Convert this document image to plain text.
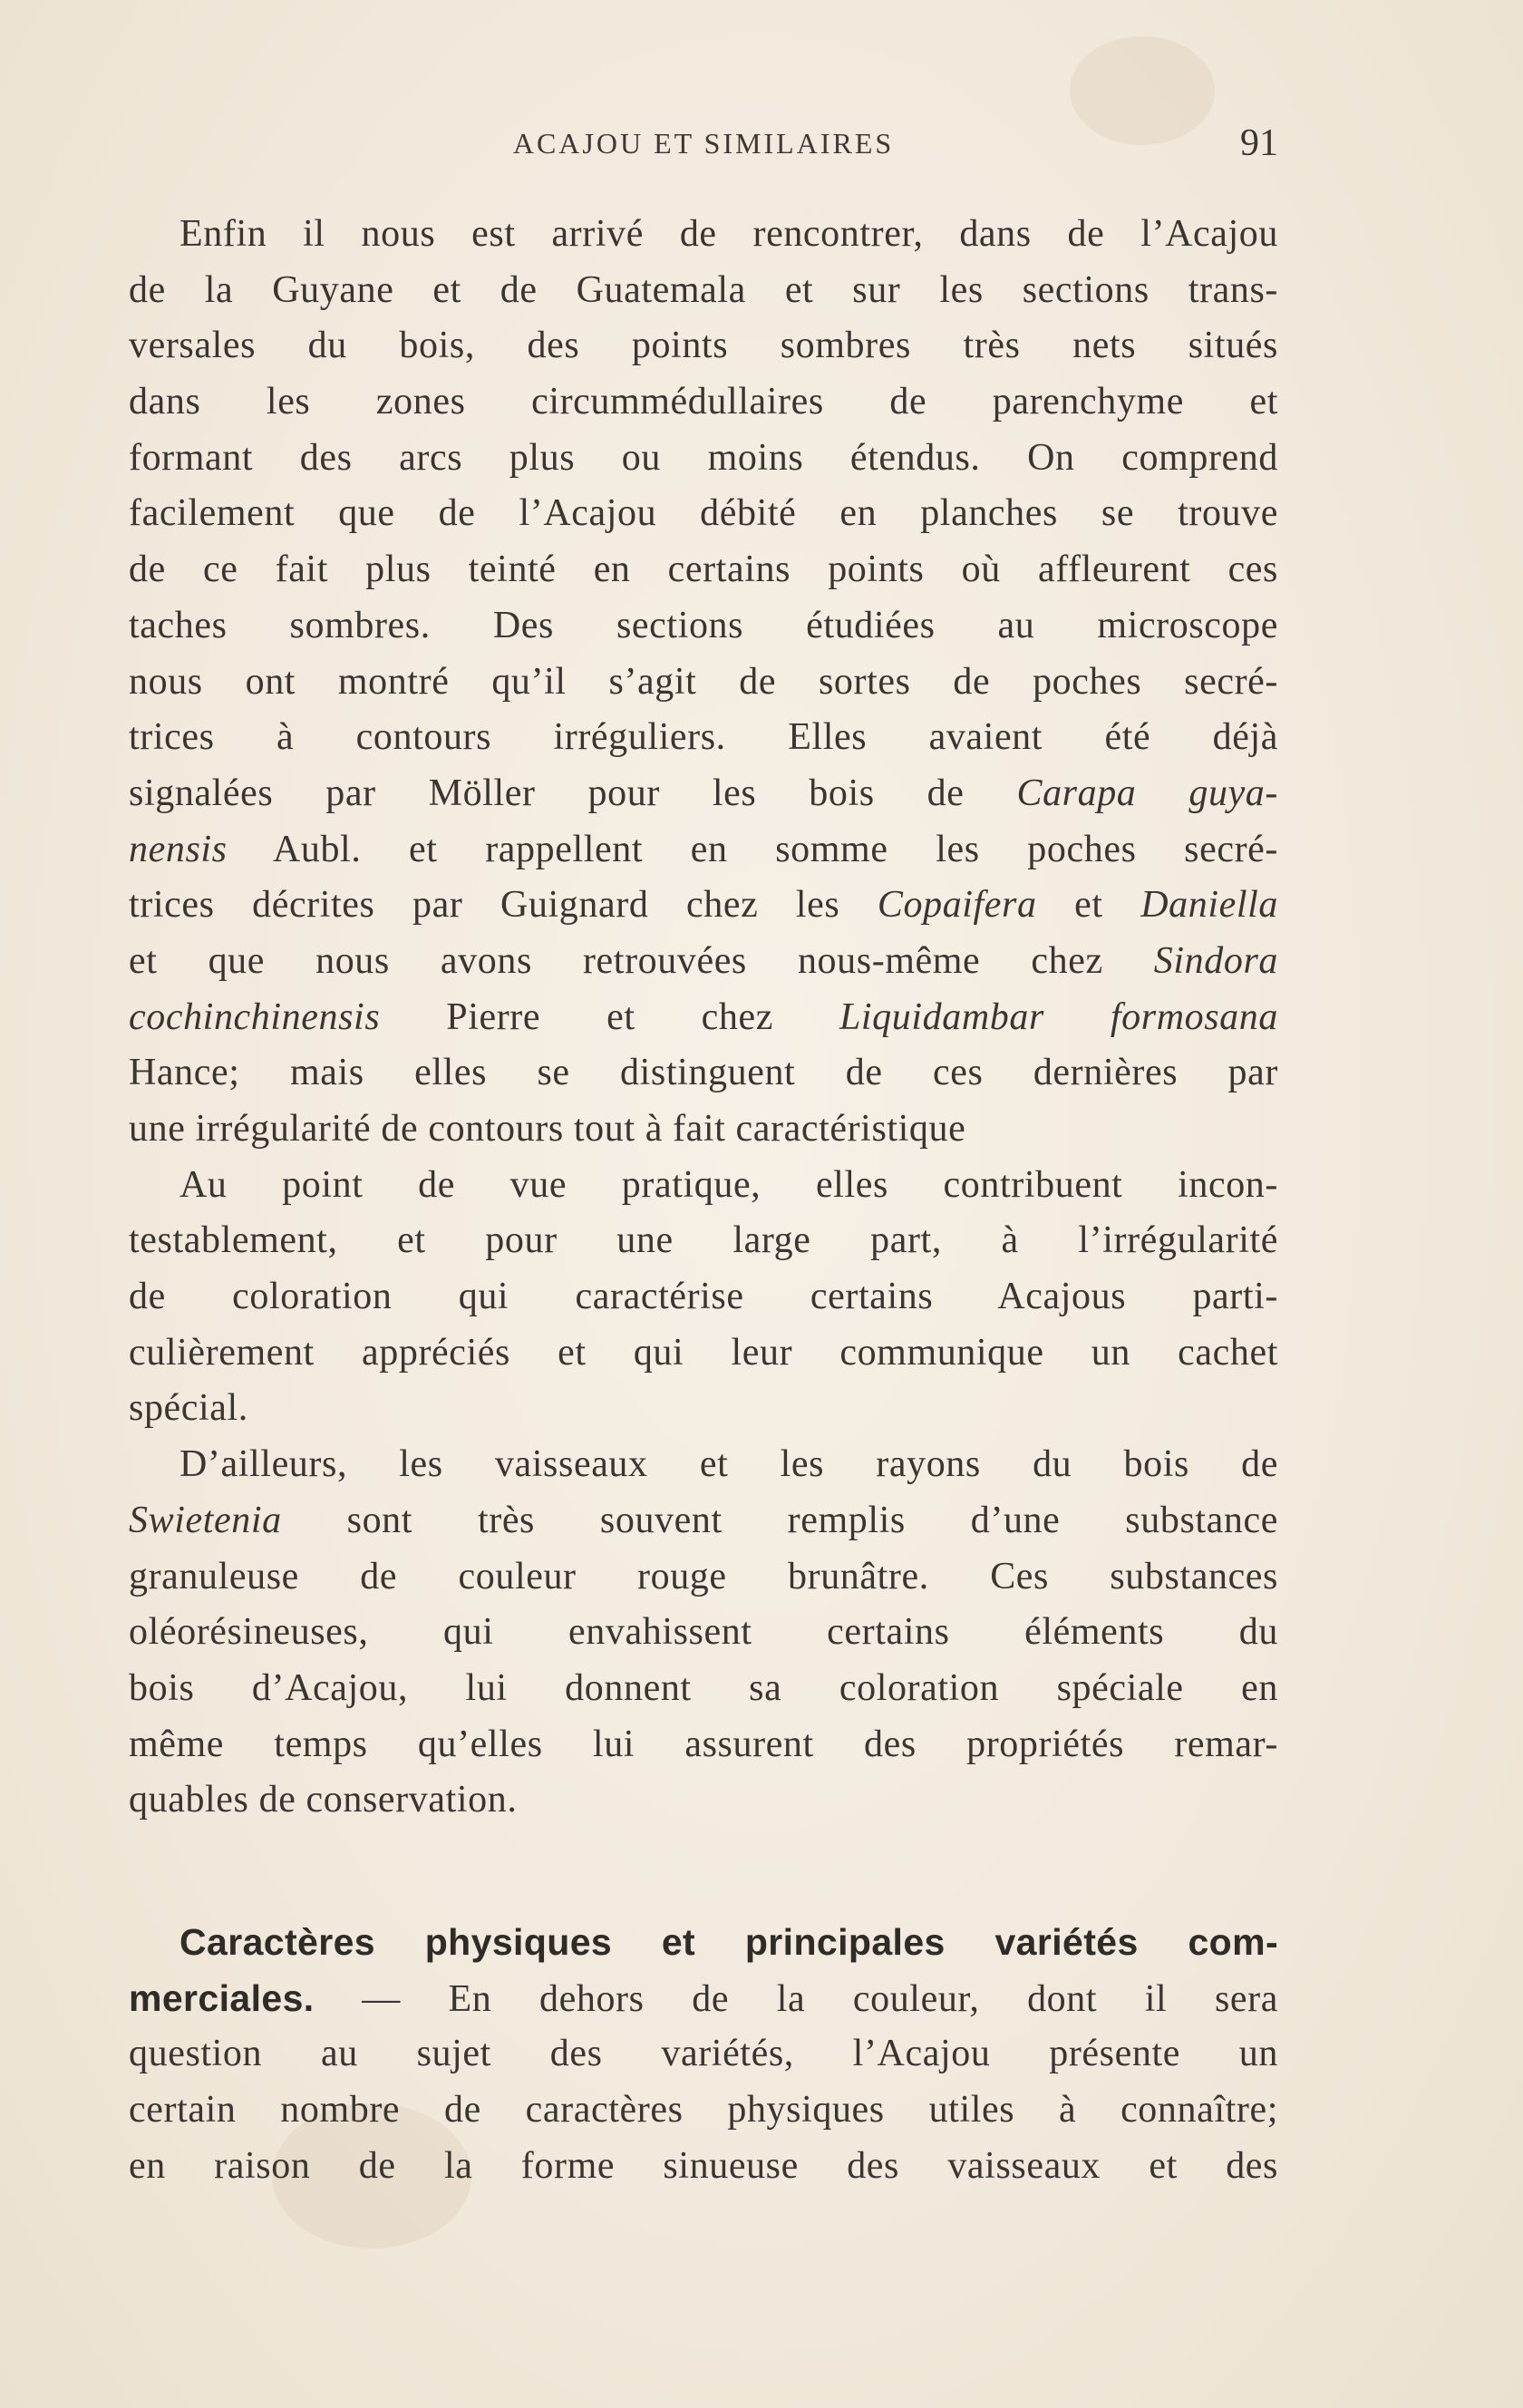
ACAJOU ET SIMILAIRES	91
Enfin il nous est arrivé de rencontrer, dans de l’Acajou
de la Guyane et de Guatemala et sur les sections trans-
versales du bois, des points sombres très nets situés
dans les zones circummédullaires de parenchyme et
formant des arcs plus ou moins étendus. On comprend
facilement que de l’Acajou débité en planches se trouve
de ce fait plus teinté en certains points où affleurent ces
taches sombres. Des sections étudiées au microscope
nous ont montré qu’il s’agit de sortes de poches secré-
trices à contours irréguliers. Elles avaient été déjà
signalées par Möller pour les bois de Carapa guya-
nensis Aubl. et rappellent en somme les poches secré-
trices décrites par Guignard chez les Copaifera et Daniella
et que nous avons retrouvées nous-même chez Sindora
cochinchinensis Pierre et chez Liquidambar formosana
Hance; mais elles se distinguent de ces dernières par
une irrégularité de contours tout à fait caractéristique
Au point de vue pratique, elles contribuent incon-
testablement, et pour une large part, à l’irrégularité
de coloration qui caractérise certains Acajous parti-
culièrement appréciés et qui leur communique un cachet
spécial.
D’ailleurs, les vaisseaux et les rayons du bois de
Swietenia sont très souvent remplis d’une substance
granuleuse de couleur rouge brunâtre. Ces substances
oléorésineuses, qui envahissent certains éléments du
bois d’Acajou, lui donnent sa coloration spéciale en
même temps qu’elles lui assurent des propriétés remar-
quables de conservation.
Caractères physiques et principales variétés com-
merciales. — En dehors de la couleur, dont il sera
question au sujet des variétés, l’Acajou présente un
certain nombre de caractères physiques utiles à connaître;
en raison de la forme sinueuse des vaisseaux et des
